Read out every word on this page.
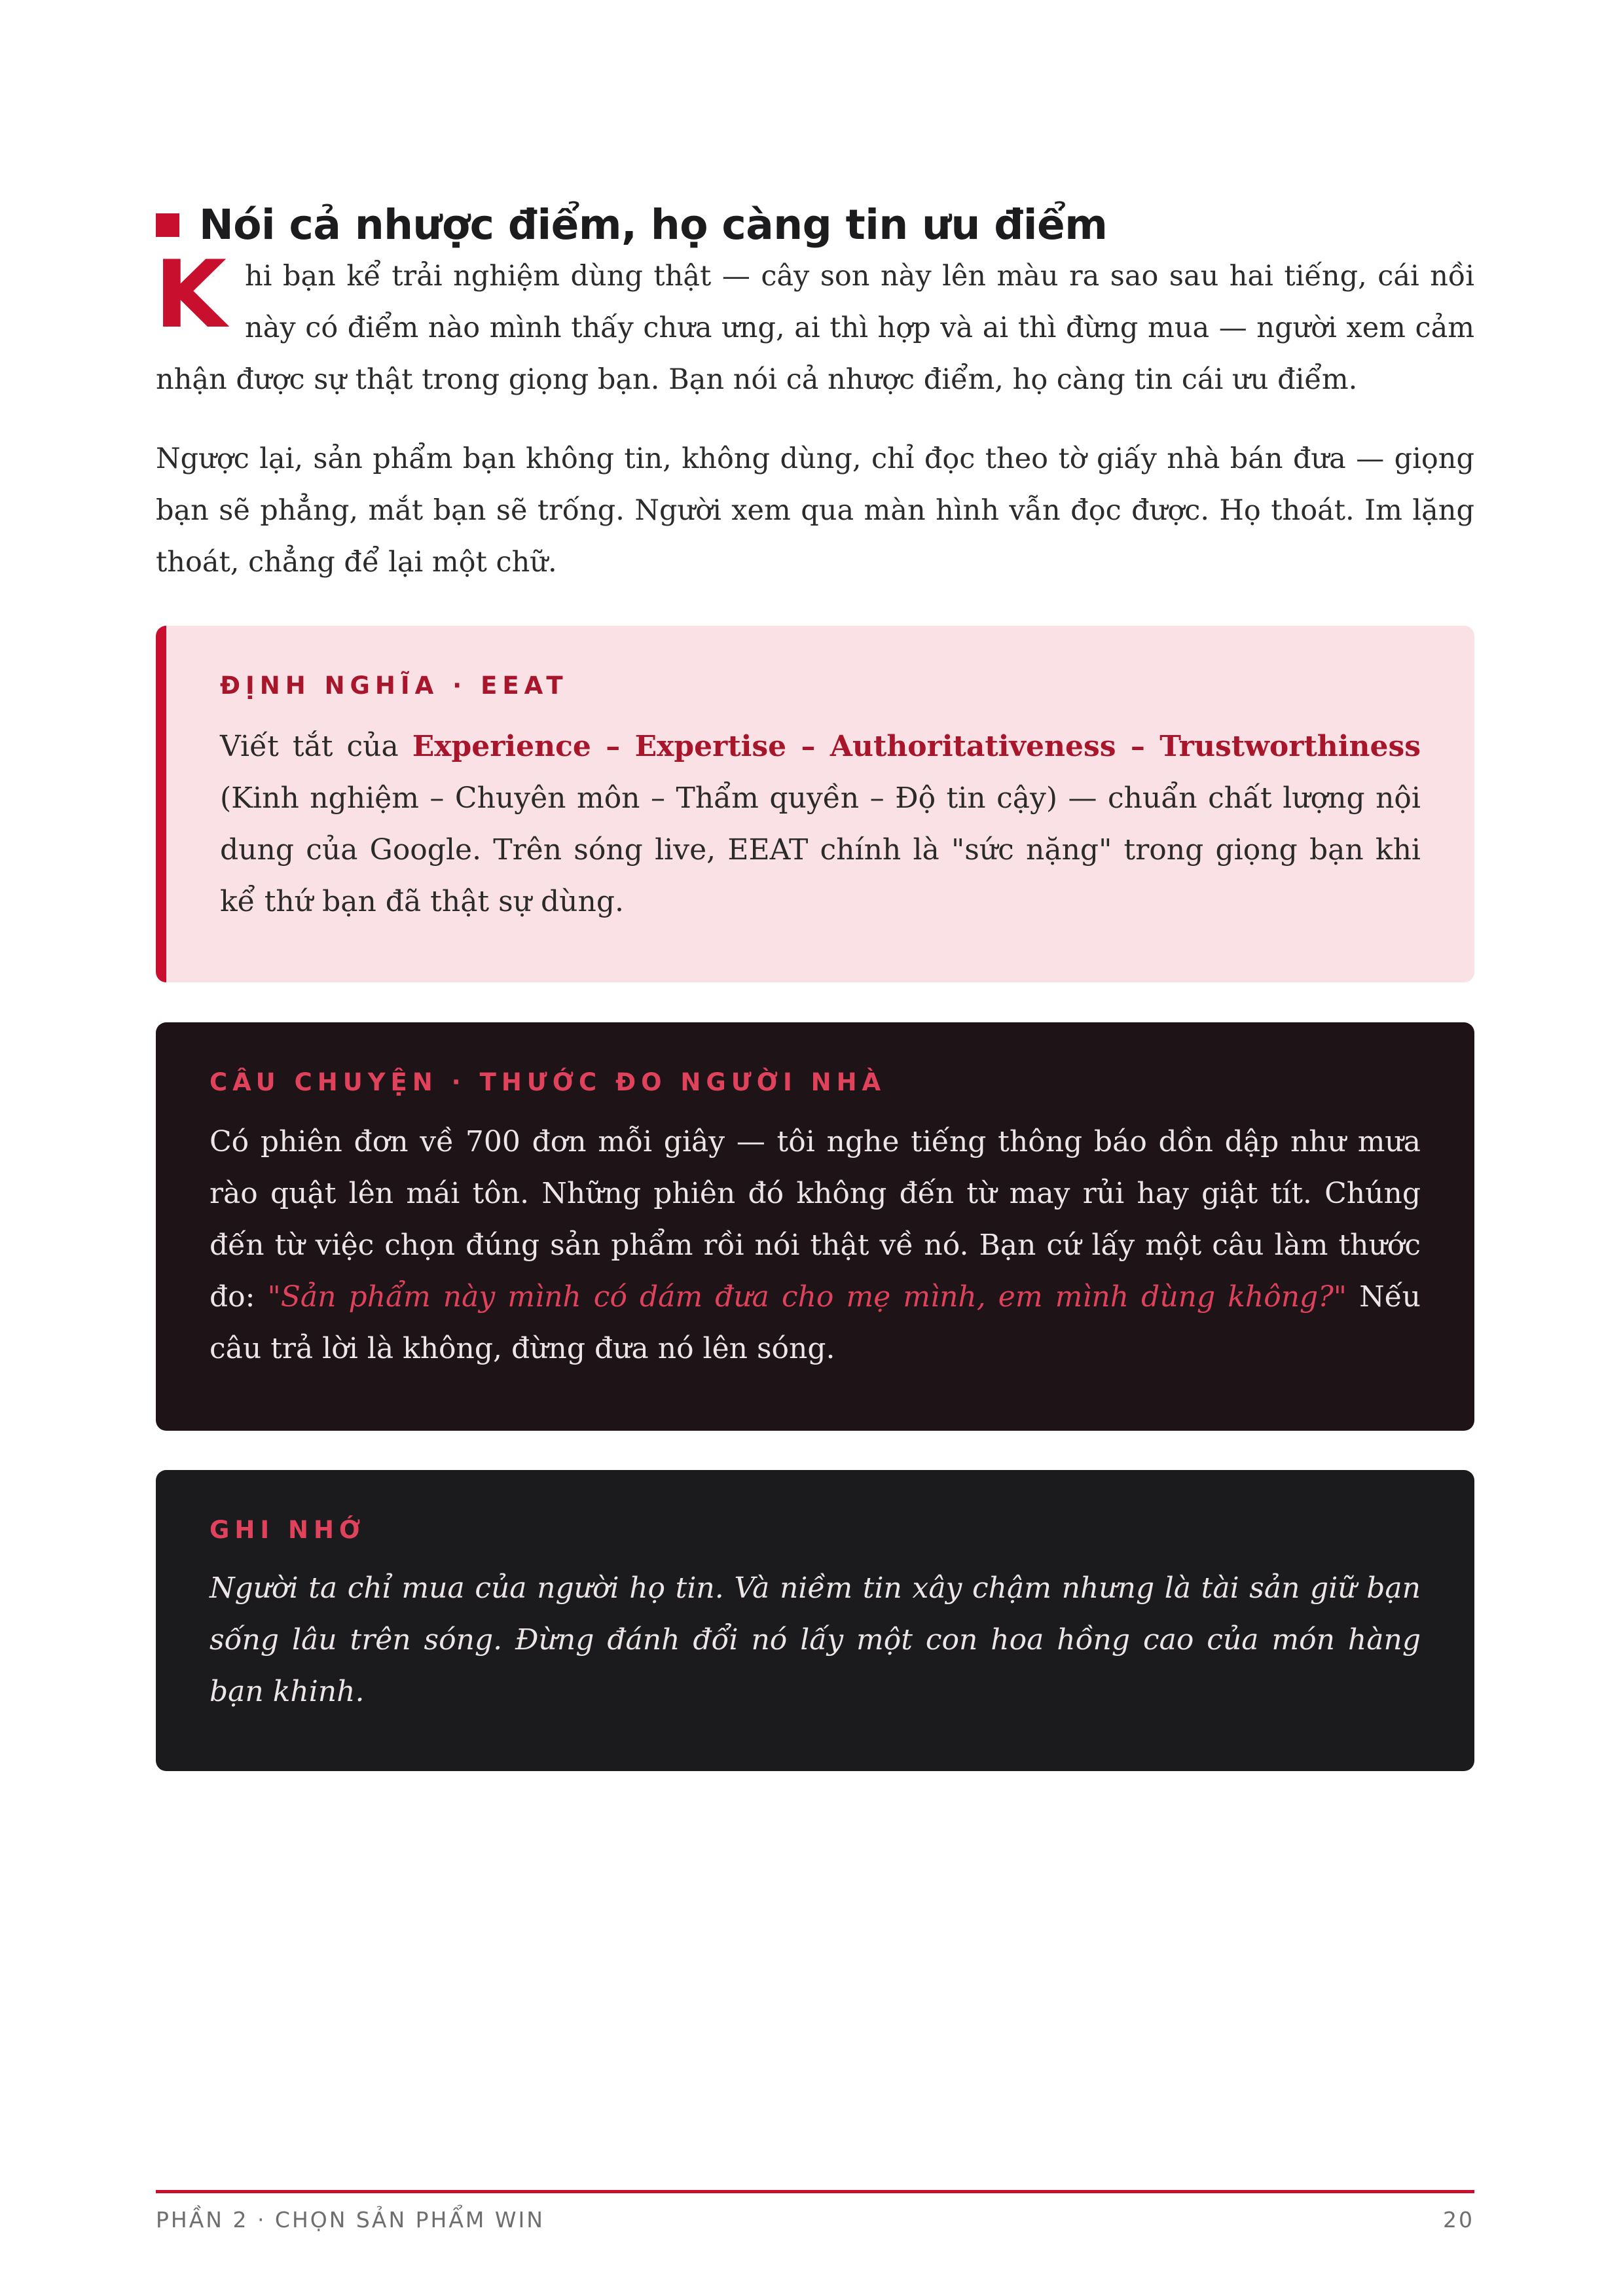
Nói cả nhược điểm, họ càng tin ưu điểm

Khi bạn kể trải nghiệm dùng thật — cây son này lên màu ra sao sau hai tiếng, cái nồi này có điểm nào mình thấy chưa ưng, ai thì hợp và ai thì đừng mua — người xem cảm nhận được sự thật trong giọng bạn. Bạn nói cả nhược điểm, họ càng tin cái ưu điểm.

Ngược lại, sản phẩm bạn không tin, không dùng, chỉ đọc theo tờ giấy nhà bán đưa — giọng bạn sẽ phẳng, mắt bạn sẽ trống. Người xem qua màn hình vẫn đọc được. Họ thoát. Im lặng thoát, chẳng để lại một chữ.

ĐỊNH NGHĨA · EEAT

Viết tắt của Experience – Expertise – Authoritativeness – Trustworthiness (Kinh nghiệm – Chuyên môn – Thẩm quyền – Độ tin cậy) — chuẩn chất lượng nội dung của Google. Trên sóng live, EEAT chính là "sức nặng" trong giọng bạn khi kể thứ bạn đã thật sự dùng.

CÂU CHUYỆN · THƯỚC ĐO NGƯỜI NHÀ

Có phiên đơn về 700 đơn mỗi giây — tôi nghe tiếng thông báo dồn dập như mưa rào quật lên mái tôn. Những phiên đó không đến từ may rủi hay giật tít. Chúng đến từ việc chọn đúng sản phẩm rồi nói thật về nó. Bạn cứ lấy một câu làm thước đo: "Sản phẩm này mình có dám đưa cho mẹ mình, em mình dùng không?" Nếu câu trả lời là không, đừng đưa nó lên sóng.

GHI NHỚ

Người ta chỉ mua của người họ tin. Và niềm tin xây chậm nhưng là tài sản giữ bạn sống lâu trên sóng. Đừng đánh đổi nó lấy một con hoa hồng cao của món hàng bạn khinh.

PHẦN 2 · CHỌN SẢN PHẨM WIN	20
